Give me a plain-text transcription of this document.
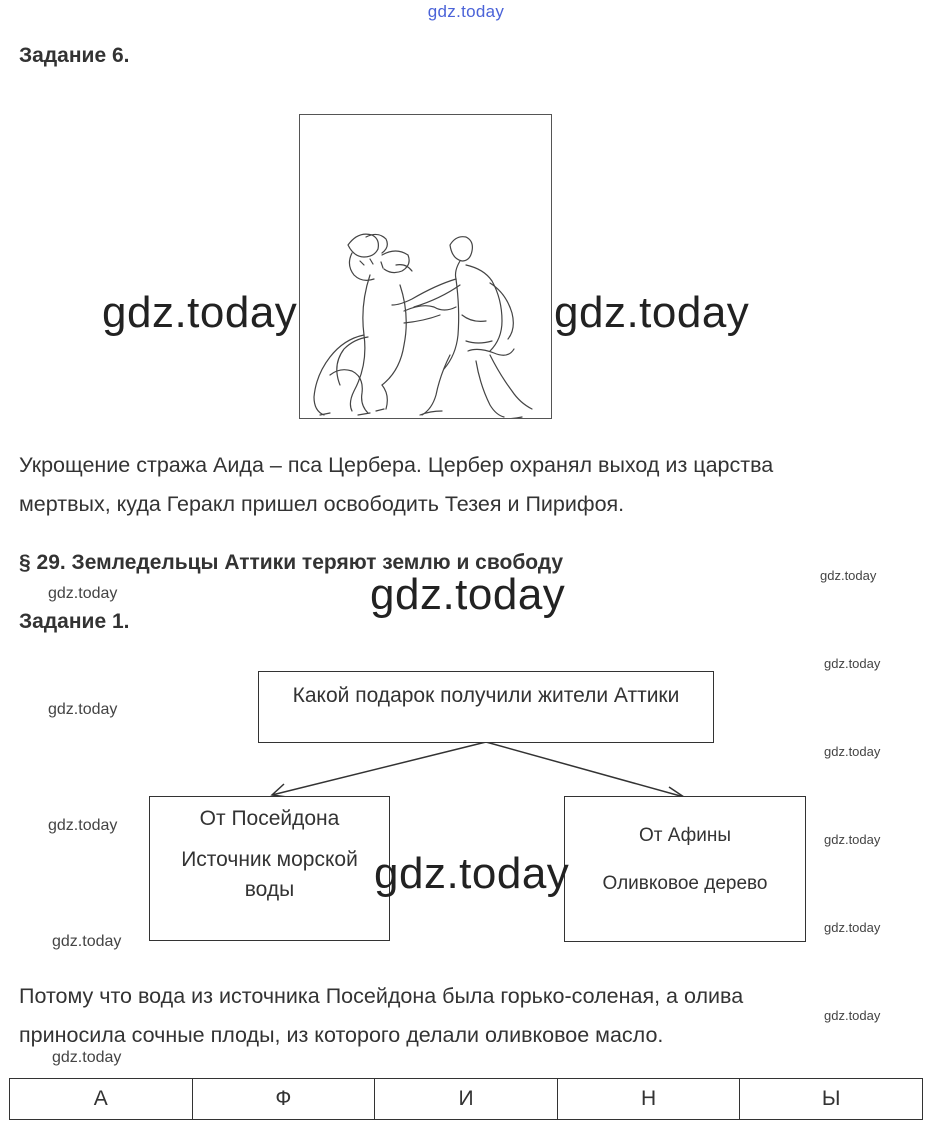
gdz.today
Задание 6.
gdz.today	gdz.today
Укрощение стража Аида – пса Цербера. Цербер охранял выход из царства
мертвых, куда Геракл пришел освободить Тезея и Пирифоя.
§ 29. Земледельцы Аттики теряют землю и свободу
gdz.today
gdz.today	gdz.today
Задание 1.
gdz.today
gdz.today
gdz.today
gdz.today
gdz.today
gdz.today
gdz.today
Какой подарок получили жители Аттики
От Посейдона
Источник морской
воды
От Афины
Оливковое дерево
gdz.today
Потому что вода из источника Посейдона была горько-соленая, а олива
приносила сочные плоды, из которого делали оливковое масло.
gdz.today
gdz.today
А	Ф	И	Н	Ы
